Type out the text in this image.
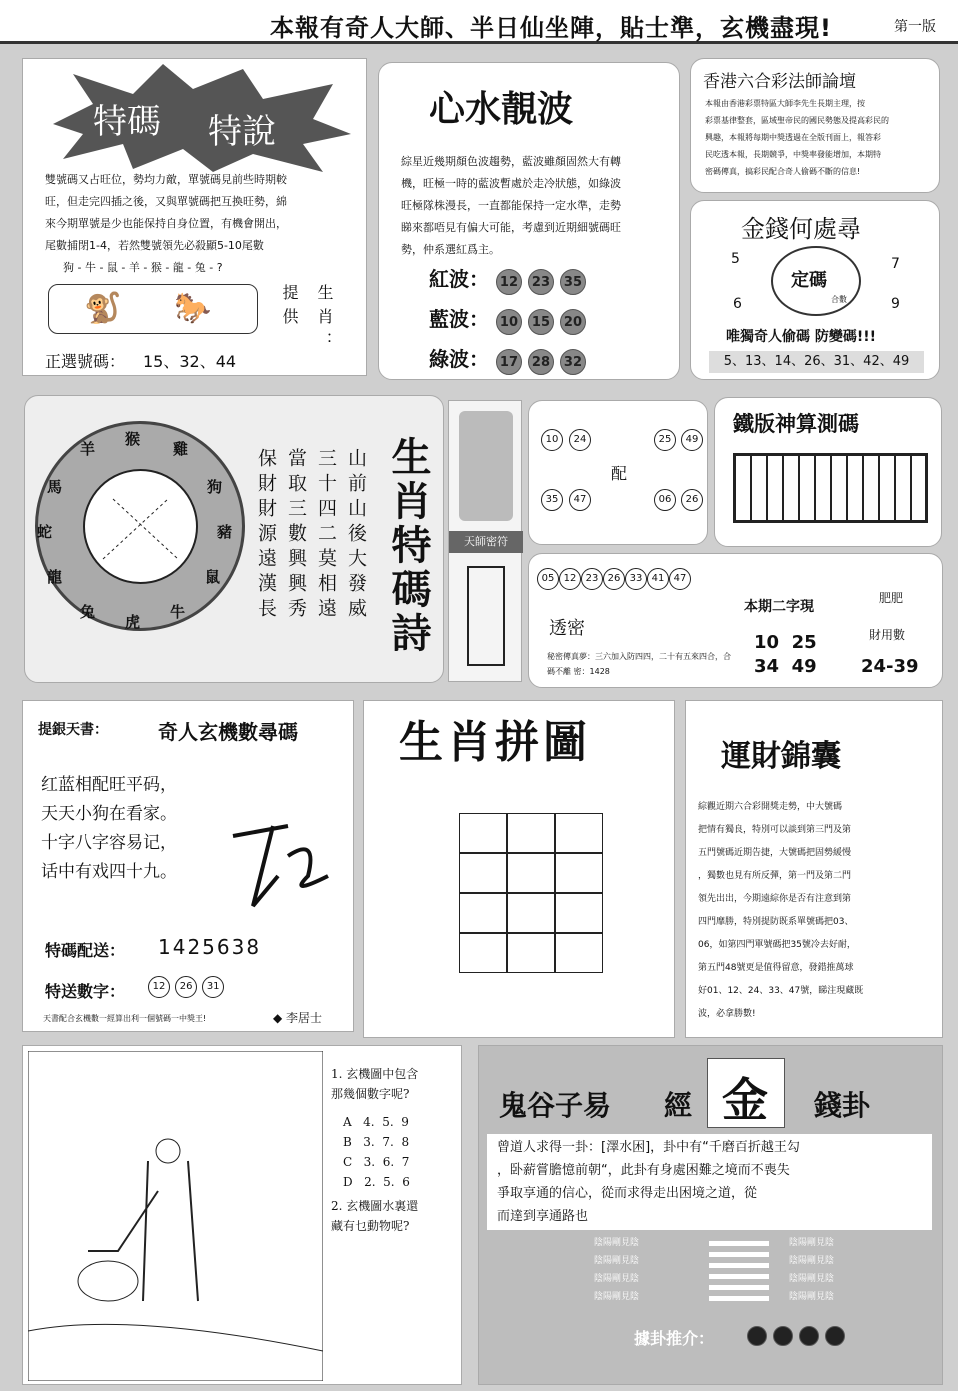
本報有奇人大師、半日仙坐陣，貼士準，玄機盡現!	第一版
特碼 特說
雙號碼又占旺位，勢均力敵，單號碼見前些時期較
旺，但走完四插之後，又與單號碼把互換旺勢，綿
來今期單號是少也能保持自身位置，有機會開出，
尾數捕閉1-4，若然雙號領先必殺顯5-10尾數
狗 - 牛 - 鼠 - 羊 - 猴 - 龍 - 兔 - ?
🐒 🐎	提供 生肖：
正選號碼： 15、32、44
心水靚波
綜星近幾期顏色波趨勢，藍波雖顏固然大有轉
機，旺極一時的藍波暫處於走冷狀態，如綠波
旺極隊株漫長，一直都能保持一定水準，走勢
睇來都唔見有偏大可能，考慮到近期細號碼旺
勢，仲系選紅爲主。
紅波： 12 23 35
藍波： 10 15 20
綠波： 17 28 32
香港六合彩法師論壇
本報由香港彩票特區大師李先生長期主理，按
彩票基律整套，區域聖帝民的國民勢態及提高彩民的
興趣，本報將每期中獎透過在全版刊面上，報答彩
民吃透本報，長期競爭，中獎率發能增加，本期特
密碼傳真，搞彩民配合奇人偷碼不斷的信息!
金錢何處尋
定碼
合數
5	7
6	9
唯獨奇人偷碼 防變碼!!!
5、13、14、26、31、42、49
猴
雞
狗
豬
鼠
牛
虎
兔
龍
蛇
馬
羊	山前山後大發威
三十四二莫相遠
當取三數興興秀
保財財源遠漢長	生肖特碼詩	天師密符
10	24
35	47
配
25	49
06	26
鐵版神算測碼
05 12 23 26 33 41 47
透密
秘密傳真夢：三六加入防四四，二十有五來四合，合碼不離 密：1428
本期二字現
10  25
34  49
肥肥
財用數
24-39
提銀天書：	奇人玄機數尋碼
红蓝相配旺平码，
天天小狗在看家。
十字八字容易记，
话中有戏四十九。
特碼配送： 1425638
特送數字：	12 26 31
天書配合玄機數一經算出利一個號碼一中獎王!	◆ 李居士
生肖拼圖	運財錦囊
綜觀近期六合彩開獎走勢，中大號碼
把情有獨良，特別可以談到第三門及第
五門號碼近期告捷，大號碼把固勢緩慢
，獨數也見有所反彈，第一門及第二門
領先出出，今期遠綜你是否有注意到第
四門靡勝，特別提防既系單號碼把03、
06，如第四門單號碼把35號冷去好耐，
第五門48號更是值得留意，發錯推萬球
好01、12、24、33、47號，睇注現藏既
波，必拿勝數!
1. 玄機圖中包含
那幾個數字呢?
A 4.  5.  9
B 3.  7.  8
C 3.  6.  7
D 2.  5.  6
2. 玄機圖水裏還
藏有乜動物呢?
鬼谷子易 經 金 錢卦
曾道人求得一卦：[澤水困]，卦中有“千磨百折越王勾
，卧薪嘗膽憶前朝“，此卦有身處困難之境而不喪失
爭取享通的信心，從而求得走出困境之道，從
而達到享通路也
陰陽剛見陰
陰陽剛見陰
陰陽剛見陰
陰陽剛見陰
陰陽剛見陰
陰陽剛見陰
陰陽剛見陰
陰陽剛見陰
據卦推介：
